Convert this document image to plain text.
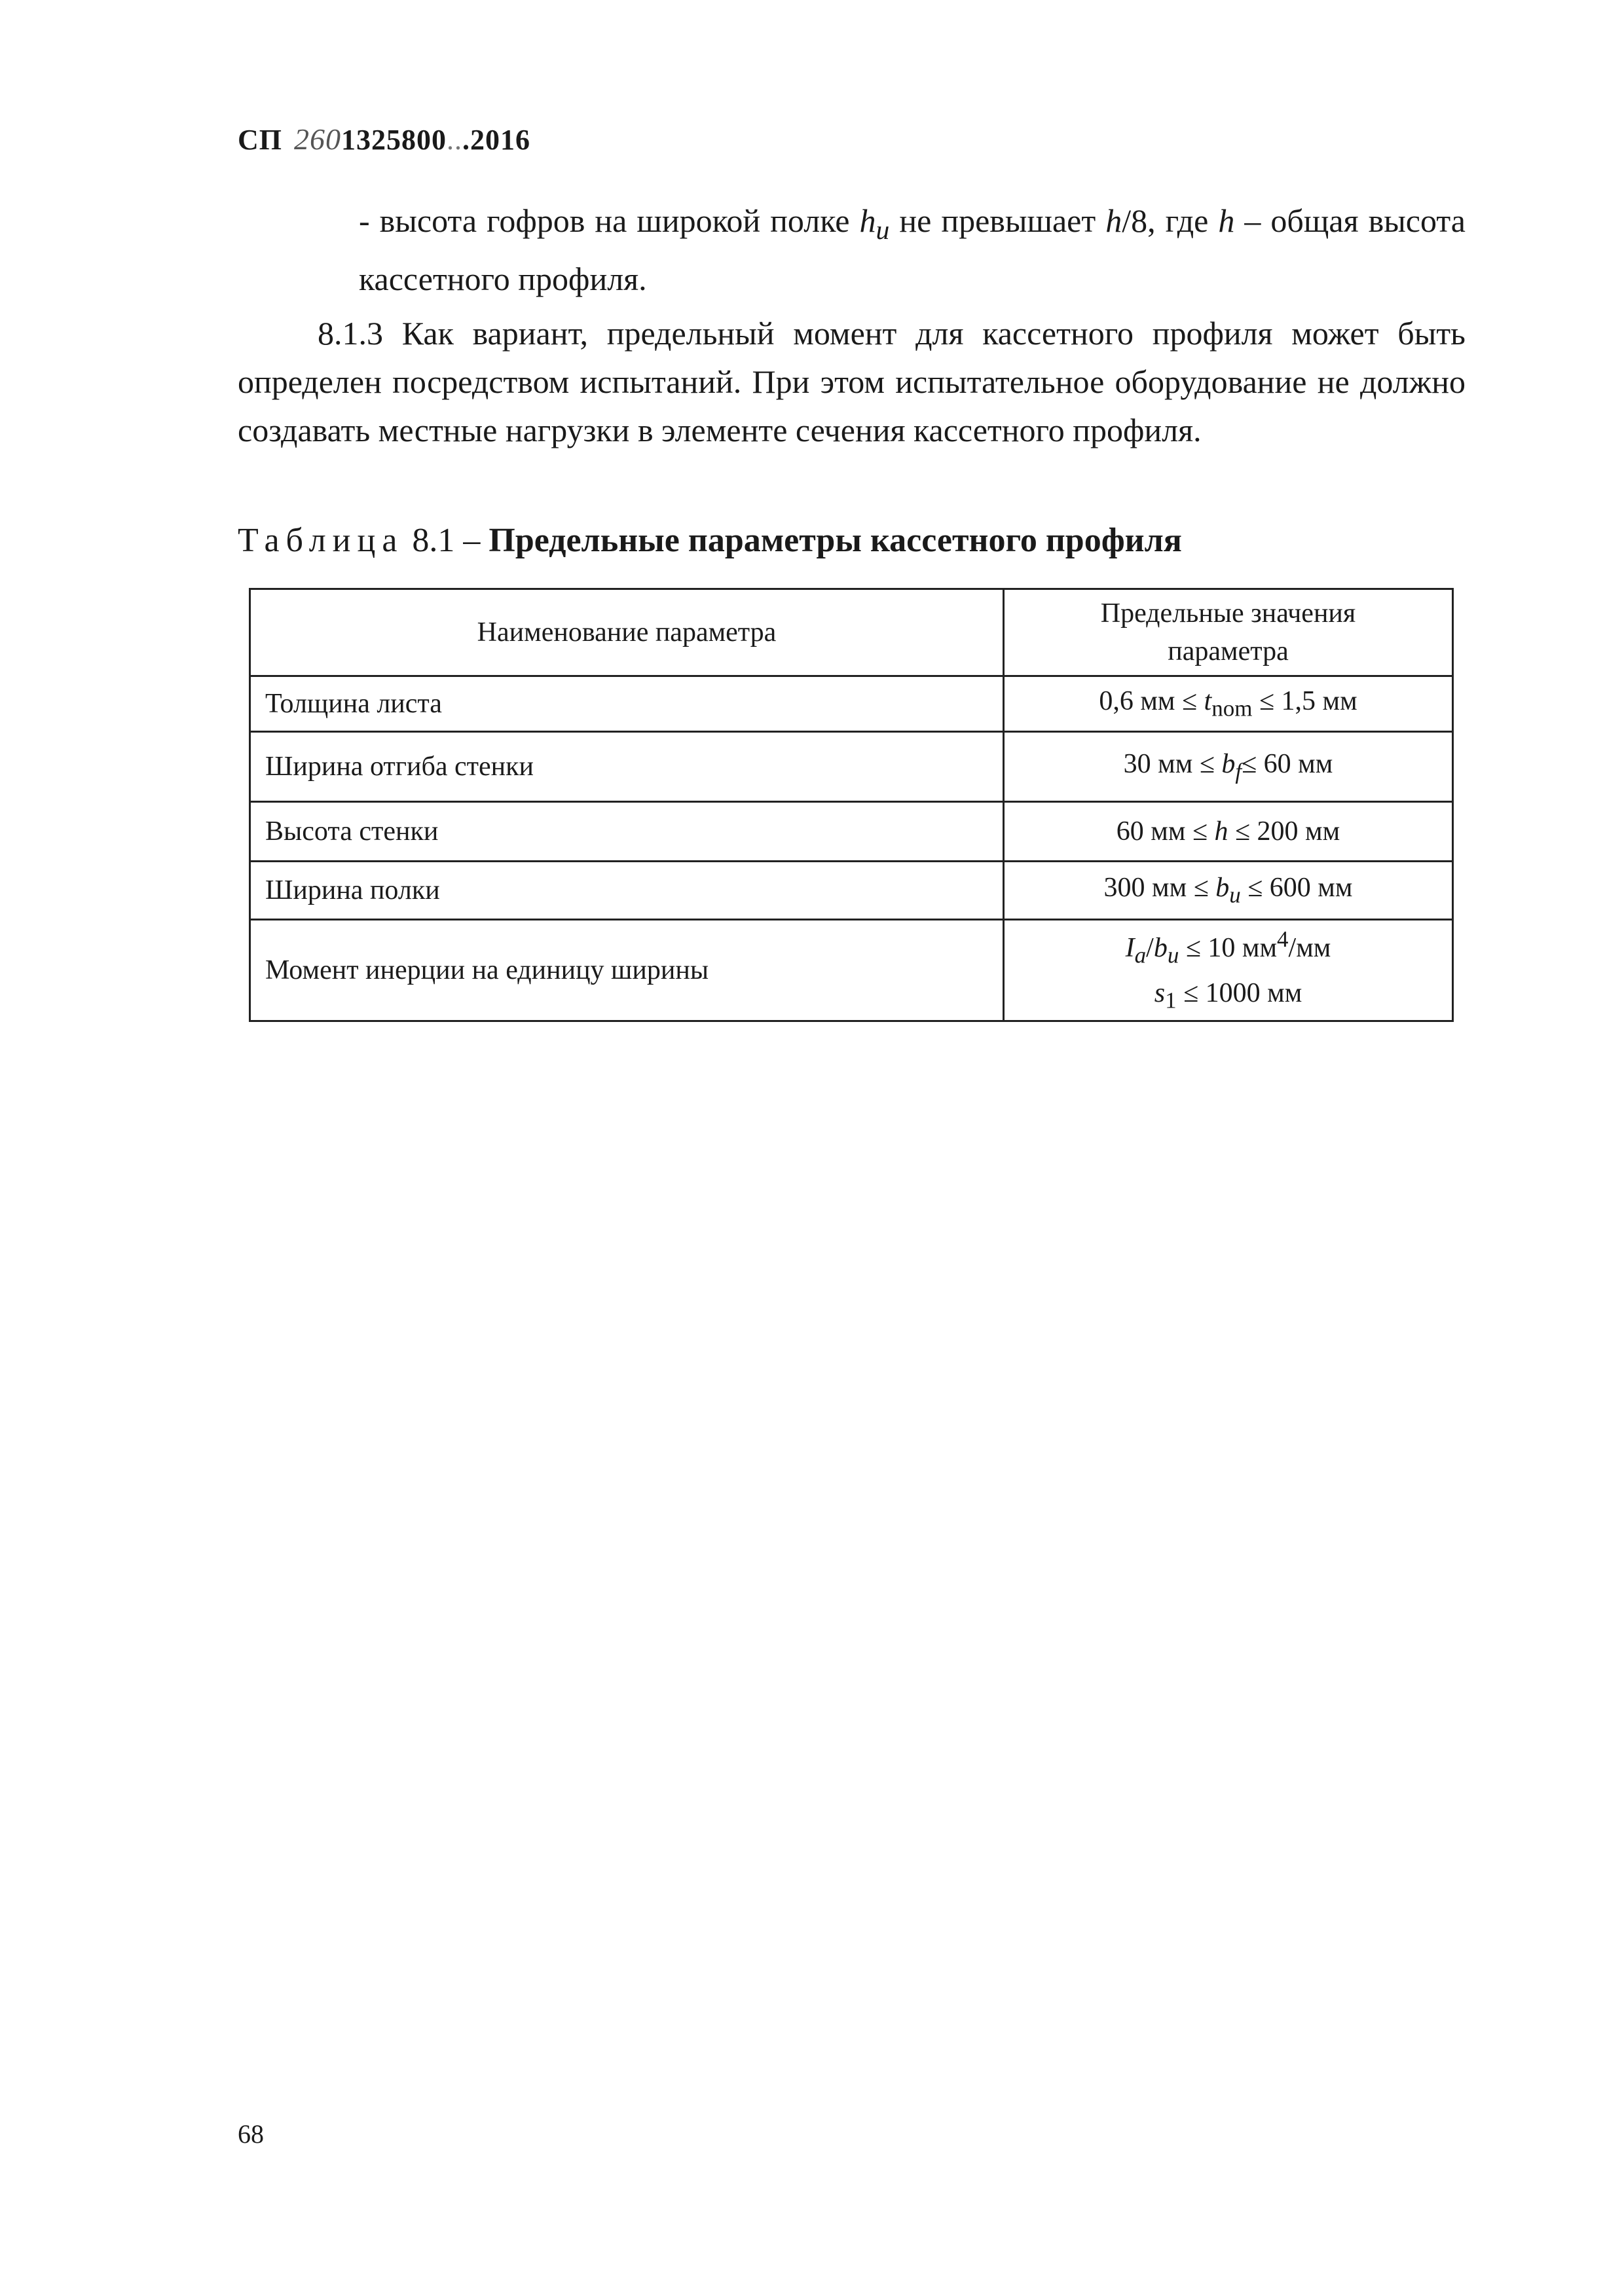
СП 2601325800...2016
- высота гофров на широкой полке $h_u$ не превышает h/8, где h – общая высота кассетного профиля.
8.1.3 Как вариант, предельный момент для кассетного профиля может быть определен посредством испытаний. При этом испытательное оборудование не должно создавать местные нагрузки в элементе сечения кассетного профиля.
Таблица 8.1 – Предельные параметры кассетного профиля
Наименование параметра	Предельные значения
параметра

Толщина листа	0,6 мм ≤ $t_{nom} \le 1,5$ мм
Ширина отгиба стенки	30 мм ≤ $b_f\le 60$ мм
Высота стенки	60 мм ≤ h ≤ 200 мм
Ширина полки	300 мм ≤ $b_u \le 600$ мм
Момент инерции на единицу ширины	$I_a/b_u \le 10$ $мм^4/мм$
$s_1 \le 1000$ мм
68
